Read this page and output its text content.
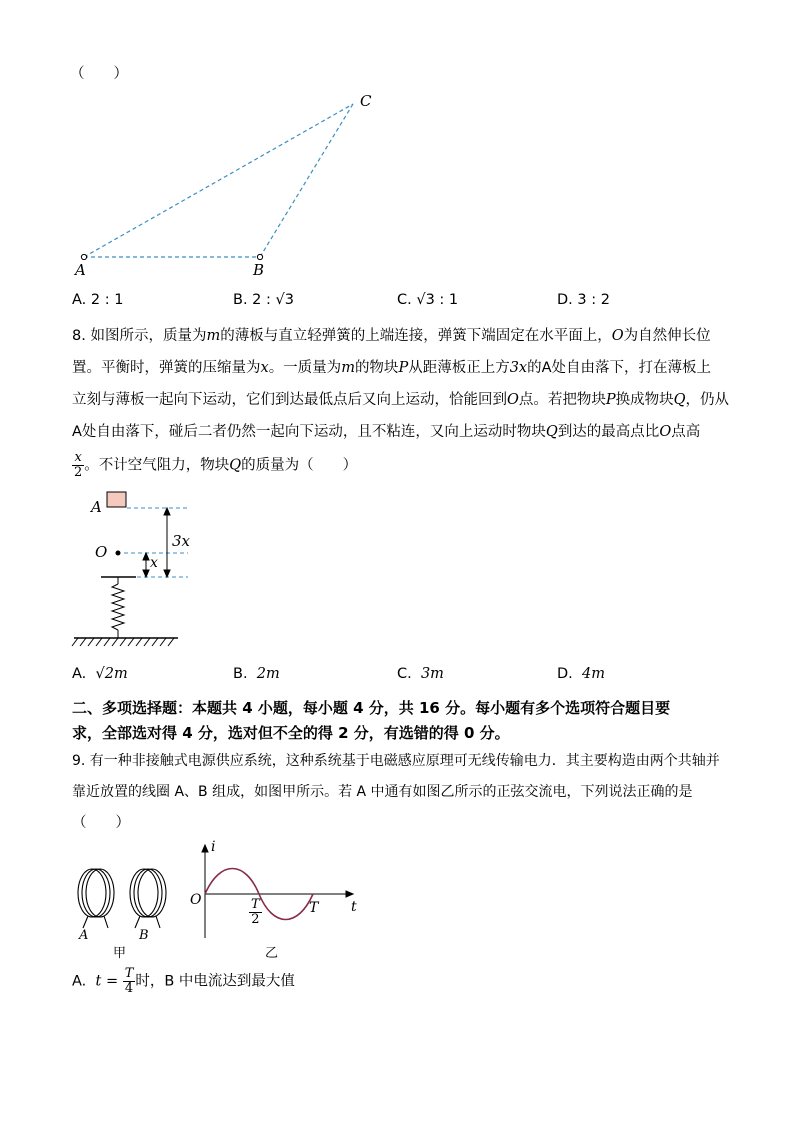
（　　）
A	B
C
A. 2 : 1	B. 2 : √3	C. √3 : 1	D. 3 : 2
8. 如图所示，质量为m的薄板与直立轻弹簧的上端连接，弹簧下端固定在水平面上，O为自然伸长位
置。平衡时，弹簧的压缩量为x。一质量为m的物块P从距薄板正上方3x的A处自由落下，打在薄板上
立刻与薄板一起向下运动，它们到达最低点后又向上运动，恰能回到O点。若把物块P换成物块Q，仍从
A处自由落下，碰后二者仍然一起向下运动，且不粘连，又向上运动时物块Q到达的最高点比O点高
$\frac{x}{2}$ 。不计空气阻力，物块Q的质量为（　　）
A
O
3x
x
A. √2m	B. 2m	C. 3m	D. 4m
二、多项选择题：本题共 4 小题，每小题 4 分，共 16 分。每小题有多个选项符合题目要
求，全部选对得 4 分，选对但不全的得 2 分，有选错的得 0 分。
9. 有一种非接触式电源供应系统，这种系统基于电磁感应原理可无线传输电力．其主要构造由两个共轴并
靠近放置的线圈 A、B 组成，如图甲所示。若 A 中通有如图乙所示的正弦交流电，下列说法正确的是
（　　）
A	B
甲	乙
i
t
O	$\frac{T}{2}$	T
A. $t = \frac{T}{4}$ 时，B 中电流达到最大值
